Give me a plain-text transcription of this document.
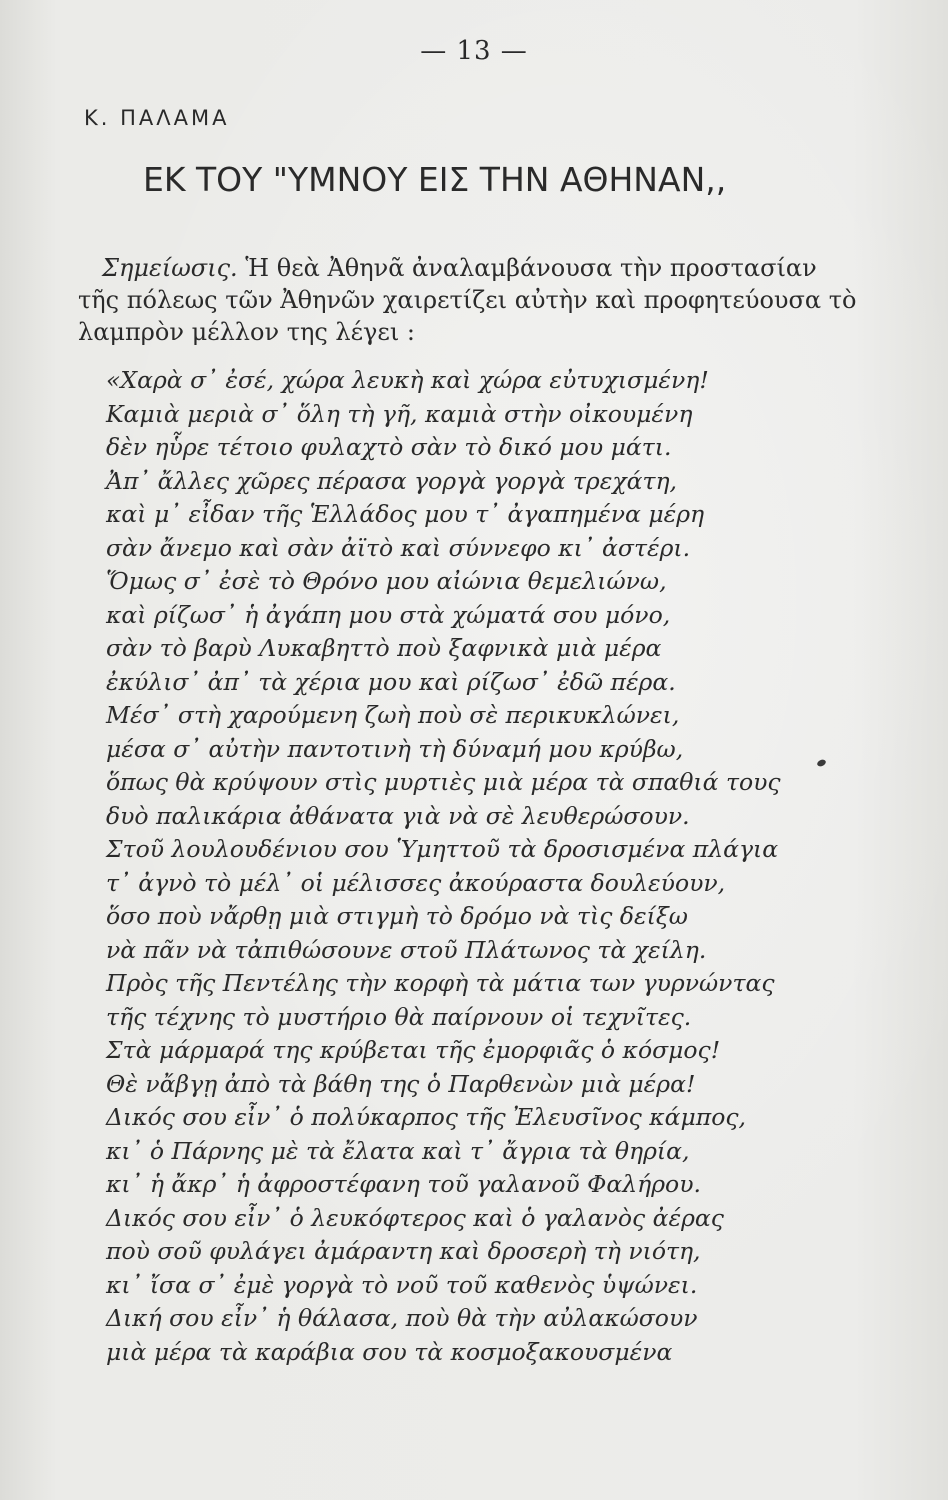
— 13 —
Κ. ΠΑΛΑΜΑ
ΕΚ ΤΟΥ "ΥΜΝΟΥ ΕΙΣ ΤΗΝ ΑΘΗΝΑΝ,,
Σημείωσις. Ἡ θεὰ Ἀθηνᾶ ἀναλαμβάνουσα τὴν προστασίαν
τῆς πόλεως τῶν Ἀθηνῶν χαιρετίζει αὐτὴν καὶ προφητεύουσα τὸ
λαμπρὸν μέλλον της λέγει :
«Χαρὰ σ᾽ ἐσέ, χώρα λευκὴ καὶ χώρα εὐτυχισμένη!
Καμιὰ μεριὰ σ᾽ ὅλη τὴ γῆ, καμιὰ στὴν οἰκουμένη
δὲν ηὗρε τέτοιο φυλαχτὸ σὰν τὸ δικό μου μάτι.
Ἀπ᾽ ἄλλες χῶρες πέρασα γοργὰ γοργὰ τρεχάτη,
καὶ μ᾽ εἶδαν τῆς Ἑλλάδος μου τ᾽ ἀγαπημένα μέρη
σὰν ἄνεμο καὶ σὰν ἀϊτὸ καὶ σύννεφο κι᾽ ἀστέρι.
Ὅμως σ᾽ ἐσὲ τὸ Θρόνο μου αἰώνια θεμελιώνω,
καὶ ρίζωσ᾽ ἡ ἀγάπη μου στὰ χώματά σου μόνο,
σὰν τὸ βαρὺ Λυκαβηττὸ ποὺ ξαφνικὰ μιὰ μέρα
ἐκύλισ᾽ ἀπ᾽ τὰ χέρια μου καὶ ρίζωσ᾽ ἐδῶ πέρα.
Μέσ᾽ στὴ χαρούμενη ζωὴ ποὺ σὲ περικυκλώνει,
μέσα σ᾽ αὐτὴν παντοτινὴ τὴ δύναμή μου κρύβω,
ὅπως θὰ κρύψουν στὶς μυρτιὲς μιὰ μέρα τὰ σπαθιά τους
δυὸ παλικάρια ἀθάνατα γιὰ νὰ σὲ λευθερώσουν.
Στοῦ λουλουδένιου σου Ὑμηττοῦ τὰ δροσισμένα πλάγια
τ᾽ ἀγνὸ τὸ μέλ᾽ οἱ μέλισσες ἀκούραστα δουλεύουν,
ὅσο ποὺ νἄρθῃ μιὰ στιγμὴ τὸ δρόμο νὰ τὶς δείξω
νὰ πᾶν νὰ τἀπιθώσουνε στοῦ Πλάτωνος τὰ χείλη.
Πρὸς τῆς Πεντέλης τὴν κορφὴ τὰ μάτια των γυρνώντας
τῆς τέχνης τὸ μυστήριο θὰ παίρνουν οἱ τεχνῖτες.
Στὰ μάρμαρά της κρύβεται τῆς ἐμορφιᾶς ὁ κόσμος!
Θὲ νἄβγῃ ἀπὸ τὰ βάθη της ὁ Παρθενὼν μιὰ μέρα!
Δικός σου εἶν᾽ ὁ πολύκαρπος τῆς Ἐλευσῖνος κάμπος,
κι᾽ ὁ Πάρνης μὲ τὰ ἔλατα καὶ τ᾽ ἄγρια τὰ θηρία,
κι᾽ ἡ ἄκρ᾽ ἡ ἀφροστέφανη τοῦ γαλανοῦ Φαλήρου.
Δικός σου εἶν᾽ ὁ λευκόφτερος καὶ ὁ γαλανὸς ἀέρας
ποὺ σοῦ φυλάγει ἀμάραντη καὶ δροσερὴ τὴ νιότη,
κι᾽ ἴσα σ᾽ ἐμὲ γοργὰ τὸ νοῦ τοῦ καθενὸς ὑψώνει.
Δική σου εἶν᾽ ἡ θάλασα, ποὺ θὰ τὴν αὐλακώσουν
μιὰ μέρα τὰ καράβια σου τὰ κοσμοξακουσμένα
